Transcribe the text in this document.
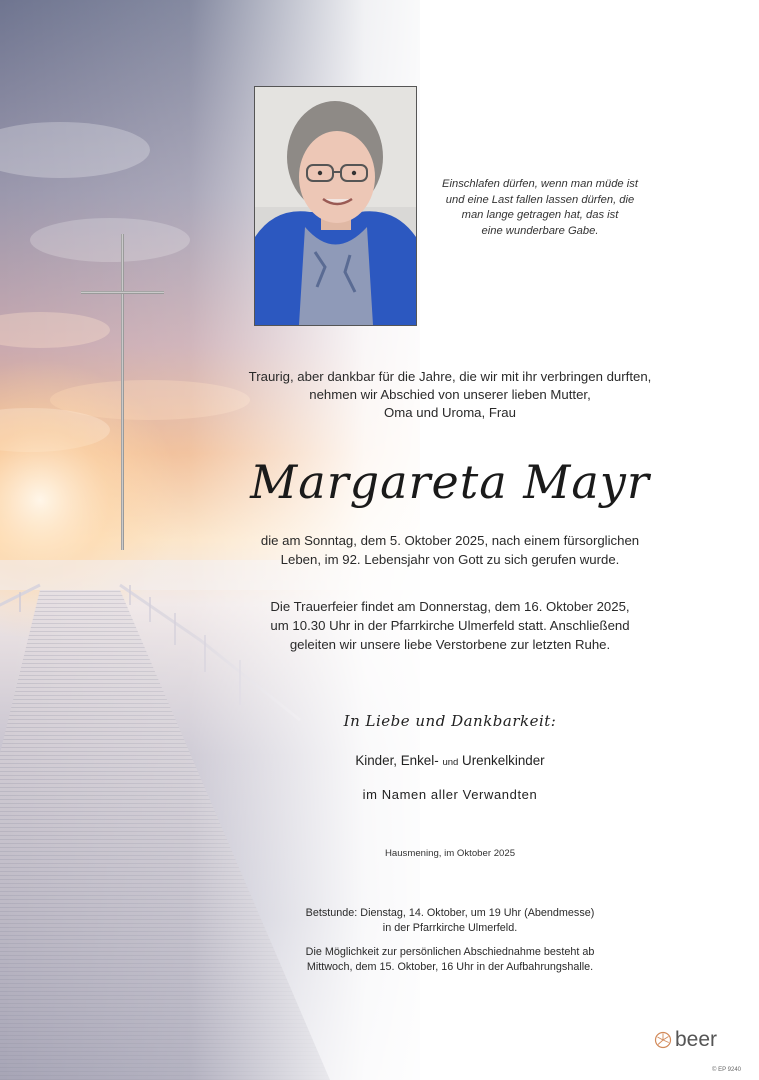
Einschlafen dürfen, wenn man müde ist
und eine Last fallen lassen dürfen, die
man lange getragen hat, das ist
eine wunderbare Gabe.
Traurig, aber dankbar für die Jahre, die wir mit ihr verbringen durften,
nehmen wir Abschied von unserer lieben Mutter,
Oma und Uroma, Frau
Margareta Mayr
die am Sonntag, dem 5. Oktober 2025, nach einem fürsorglichen
Leben, im 92. Lebensjahr von Gott zu sich gerufen wurde.
Die Trauerfeier findet am Donnerstag, dem 16. Oktober 2025,
um 10.30 Uhr in der Pfarrkirche Ulmerfeld statt. Anschließend
geleiten wir unsere liebe Verstorbene zur letzten Ruhe.
In Liebe und Dankbarkeit:
Kinder, Enkel- und Urenkelkinder
im Namen aller Verwandten
Hausmening, im Oktober 2025
Betstunde: Dienstag, 14. Oktober, um 19 Uhr (Abendmesse)
in der Pfarrkirche Ulmerfeld.
Die Möglichkeit zur persönlichen Abschiednahme besteht ab
Mittwoch, dem 15. Oktober, 16 Uhr in der Aufbahrungshalle.
beer
© EP 9240
